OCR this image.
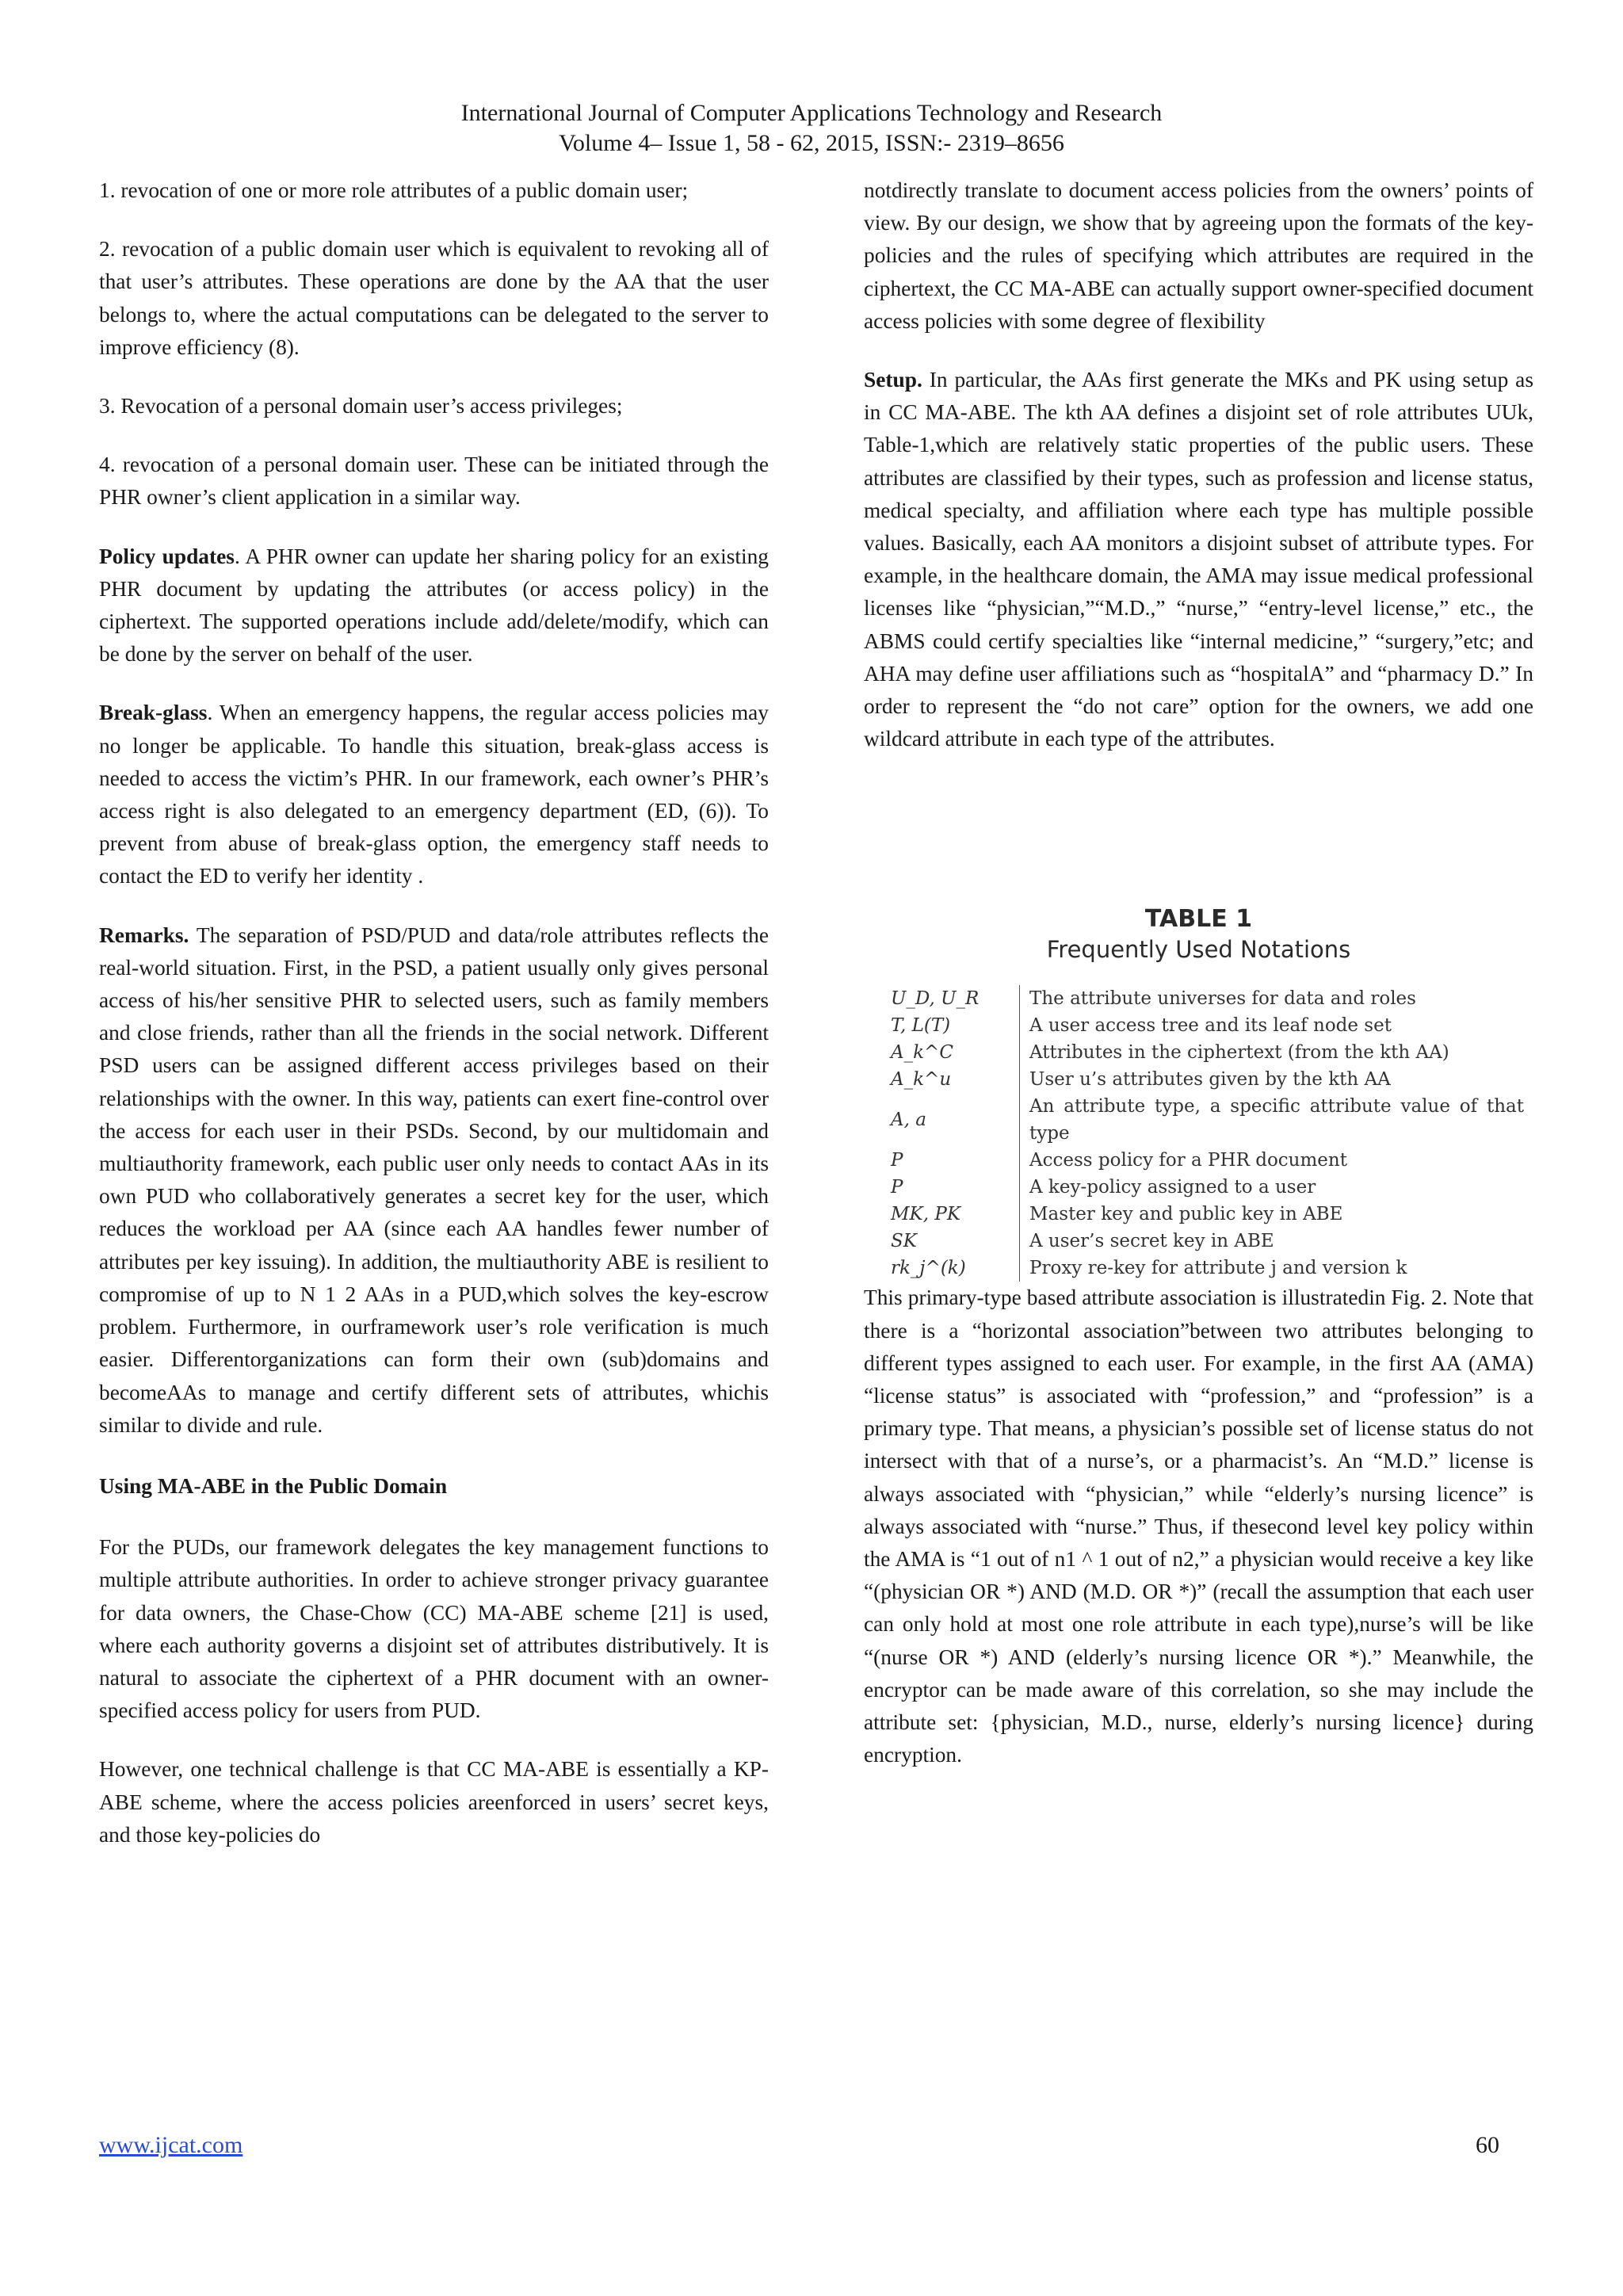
International Journal of Computer Applications Technology and Research
Volume 4– Issue 1, 58 - 62, 2015, ISSN:- 2319–8656

1. revocation of one or more role attributes of a public domain user;

2. revocation of a public domain user which is equivalent to revoking all of that user’s attributes. These operations are done by the AA that the user belongs to, where the actual computations can be delegated to the server to improve efficiency (8).

3. Revocation of a personal domain user’s access privileges;

4. revocation of a personal domain user. These can be initiated through the PHR owner’s client application in a similar way.

Policy updates. A PHR owner can update her sharing policy for an existing PHR document by updating the attributes (or access policy) in the ciphertext. The supported operations include add/delete/modify, which can be done by the server on behalf of the user.

Break-glass. When an emergency happens, the regular access policies may no longer be applicable. To handle this situation, break-glass access is needed to access the victim’s PHR. In our framework, each owner’s PHR’s access right is also delegated to an emergency department (ED, (6)). To prevent from abuse of break-glass option, the emergency staff needs to contact the ED to verify her identity .

Remarks. The separation of PSD/PUD and data/role attributes reflects the real-world situation. First, in the PSD, a patient usually only gives personal access of his/her sensitive PHR to selected users, such as family members and close friends, rather than all the friends in the social network. Different PSD users can be assigned different access privileges based on their relationships with the owner. In this way, patients can exert fine-control over the access for each user in their PSDs. Second, by our multidomain and multiauthority framework, each public user only needs to contact AAs in its own PUD who collaboratively generates a secret key for the user, which reduces the workload per AA (since each AA handles fewer number of attributes per key issuing). In addition, the multiauthority ABE is resilient to compromise of up to N 1 2 AAs in a PUD,which solves the key-escrow problem. Furthermore, in ourframework user’s role verification is much easier. Differentorganizations can form their own (sub)domains and becomeAAs to manage and certify different sets of attributes, whichis similar to divide and rule.

Using MA-ABE in the Public Domain

For the PUDs, our framework delegates the key management functions to multiple attribute authorities. In order to achieve stronger privacy guarantee for data owners, the Chase-Chow (CC) MA-ABE scheme [21] is used, where each authority governs a disjoint set of attributes distributively. It is natural to associate the ciphertext of a PHR document with an owner-specified access policy for users from PUD.

However, one technical challenge is that CC MA-ABE is essentially a KP-ABE scheme, where the access policies areenforced in users’ secret keys, and those key-policies do

notdirectly translate to document access policies from the owners’ points of view. By our design, we show that by agreeing upon the formats of the key-policies and the rules of specifying which attributes are required in the ciphertext, the CC MA-ABE can actually support owner-specified document access policies with some degree of flexibility

Setup. In particular, the AAs first generate the MKs and PK using setup as in CC MA-ABE. The kth AA defines a disjoint set of role attributes UUk, Table-1,which are relatively static properties of the public users. These attributes are classified by their types, such as profession and license status, medical specialty, and affiliation where each type has multiple possible values. Basically, each AA monitors a disjoint subset of attribute types. For example, in the healthcare domain, the AMA may issue medical professional licenses like “physician,”“M.D.,” “nurse,” “entry-level license,” etc., the ABMS could certify specialties like “internal medicine,” “surgery,”etc; and AHA may define user affiliations such as “hospitalA” and “pharmacy D.” In order to represent the “do not care” option for the owners, we add one wildcard attribute in each type of the attributes.

TABLE 1
Frequently Used Notations
U_D, U_R	The attribute universes for data and roles
T, L(T)	A user access tree and its leaf node set
A_k^C	Attributes in the ciphertext (from the kth AA)
A_k^u	User u’s attributes given by the kth AA
A, a	An attribute type, a specific attribute value of that type
P	Access policy for a PHR document
P	A key-policy assigned to a user
MK, PK	Master key and public key in ABE
SK	A user’s secret key in ABE
rk_j^(k)	Proxy re-key for attribute j and version k

This primary-type based attribute association is illustratedin Fig. 2. Note that there is a “horizontal association”between two attributes belonging to different types assigned to each user. For example, in the first AA (AMA) “license status” is associated with “profession,” and “profession” is a primary type. That means, a physician’s possible set of license status do not intersect with that of a nurse’s, or a pharmacist’s. An “M.D.” license is always associated with “physician,” while “elderly’s nursing licence” is always associated with “nurse.” Thus, if thesecond level key policy within the AMA is “1 out of n1 ^ 1 out of n2,” a physician would receive a key like “(physician OR *) AND (M.D. OR *)” (recall the assumption that each user can only hold at most one role attribute in each type),nurse’s will be like “(nurse OR *) AND (elderly’s nursing licence OR *).” Meanwhile, the encryptor can be made aware of this correlation, so she may include the attribute set: {physician, M.D., nurse, elderly’s nursing licence} during encryption.

www.ijcat.com	60
